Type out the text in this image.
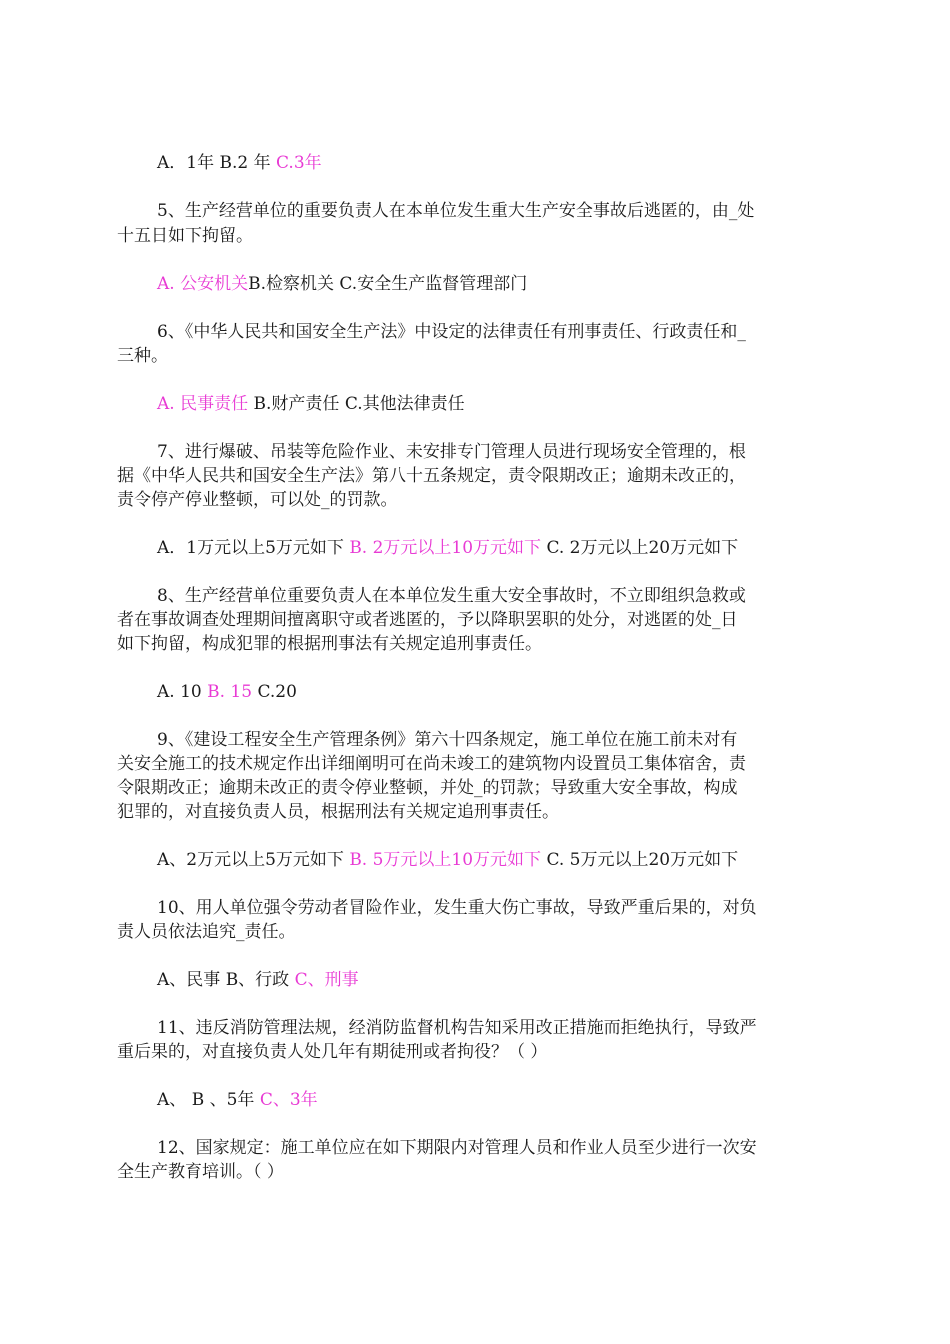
A．1年 B.2 年 C.3年
5、生产经营单位的重要负责人在本单位发生重大生产安全事故后逃匿的，由_处
十五日如下拘留。
A. 公安机关B.检察机关 C.安全生产监督管理部门
6、《中华人民共和国安全生产法》中设定的法律责任有刑事责任、行政责任和_
三种。
A. 民事责任 B.财产责任 C.其他法律责任
7、进行爆破、吊装等危险作业、未安排专门管理人员进行现场安全管理的，根
据《中华人民共和国安全生产法》第八十五条规定，责令限期改正；逾期未改正的，
责令停产停业整顿，可以处_的罚款。
A．1万元以上5万元如下 B. 2万元以上10万元如下 C. 2万元以上20万元如下
8、生产经营单位重要负责人在本单位发生重大安全事故时，不立即组织急救或
者在事故调查处理期间擅离职守或者逃匿的，予以降职罢职的处分，对逃匿的处_日
如下拘留，构成犯罪的根据刑事法有关规定追刑事责任。
A. 10 B. 15 C.20
9、《建设工程安全生产管理条例》第六十四条规定，施工单位在施工前未对有
关安全施工的技术规定作出详细阐明可在尚未竣工的建筑物内设置员工集体宿舍，责
令限期改正；逾期未改正的责令停业整顿，并处_的罚款；导致重大安全事故，构成
犯罪的，对直接负责人员，根据刑法有关规定追刑事责任。
A、2万元以上5万元如下 B. 5万元以上10万元如下 C. 5万元以上20万元如下
10、用人单位强令劳动者冒险作业，发生重大伤亡事故，导致严重后果的，对负
责人员依法追究_责任。
A、民事 B、行政 C、刑事
11、违反消防管理法规，经消防监督机构告知采用改正措施而拒绝执行，导致严
重后果的，对直接负责人处几年有期徒刑或者拘役？（ ）
A、 B 、5年 C、3年
12、国家规定：施工单位应在如下期限内对管理人员和作业人员至少进行一次安
全生产教育培训。（ ）
